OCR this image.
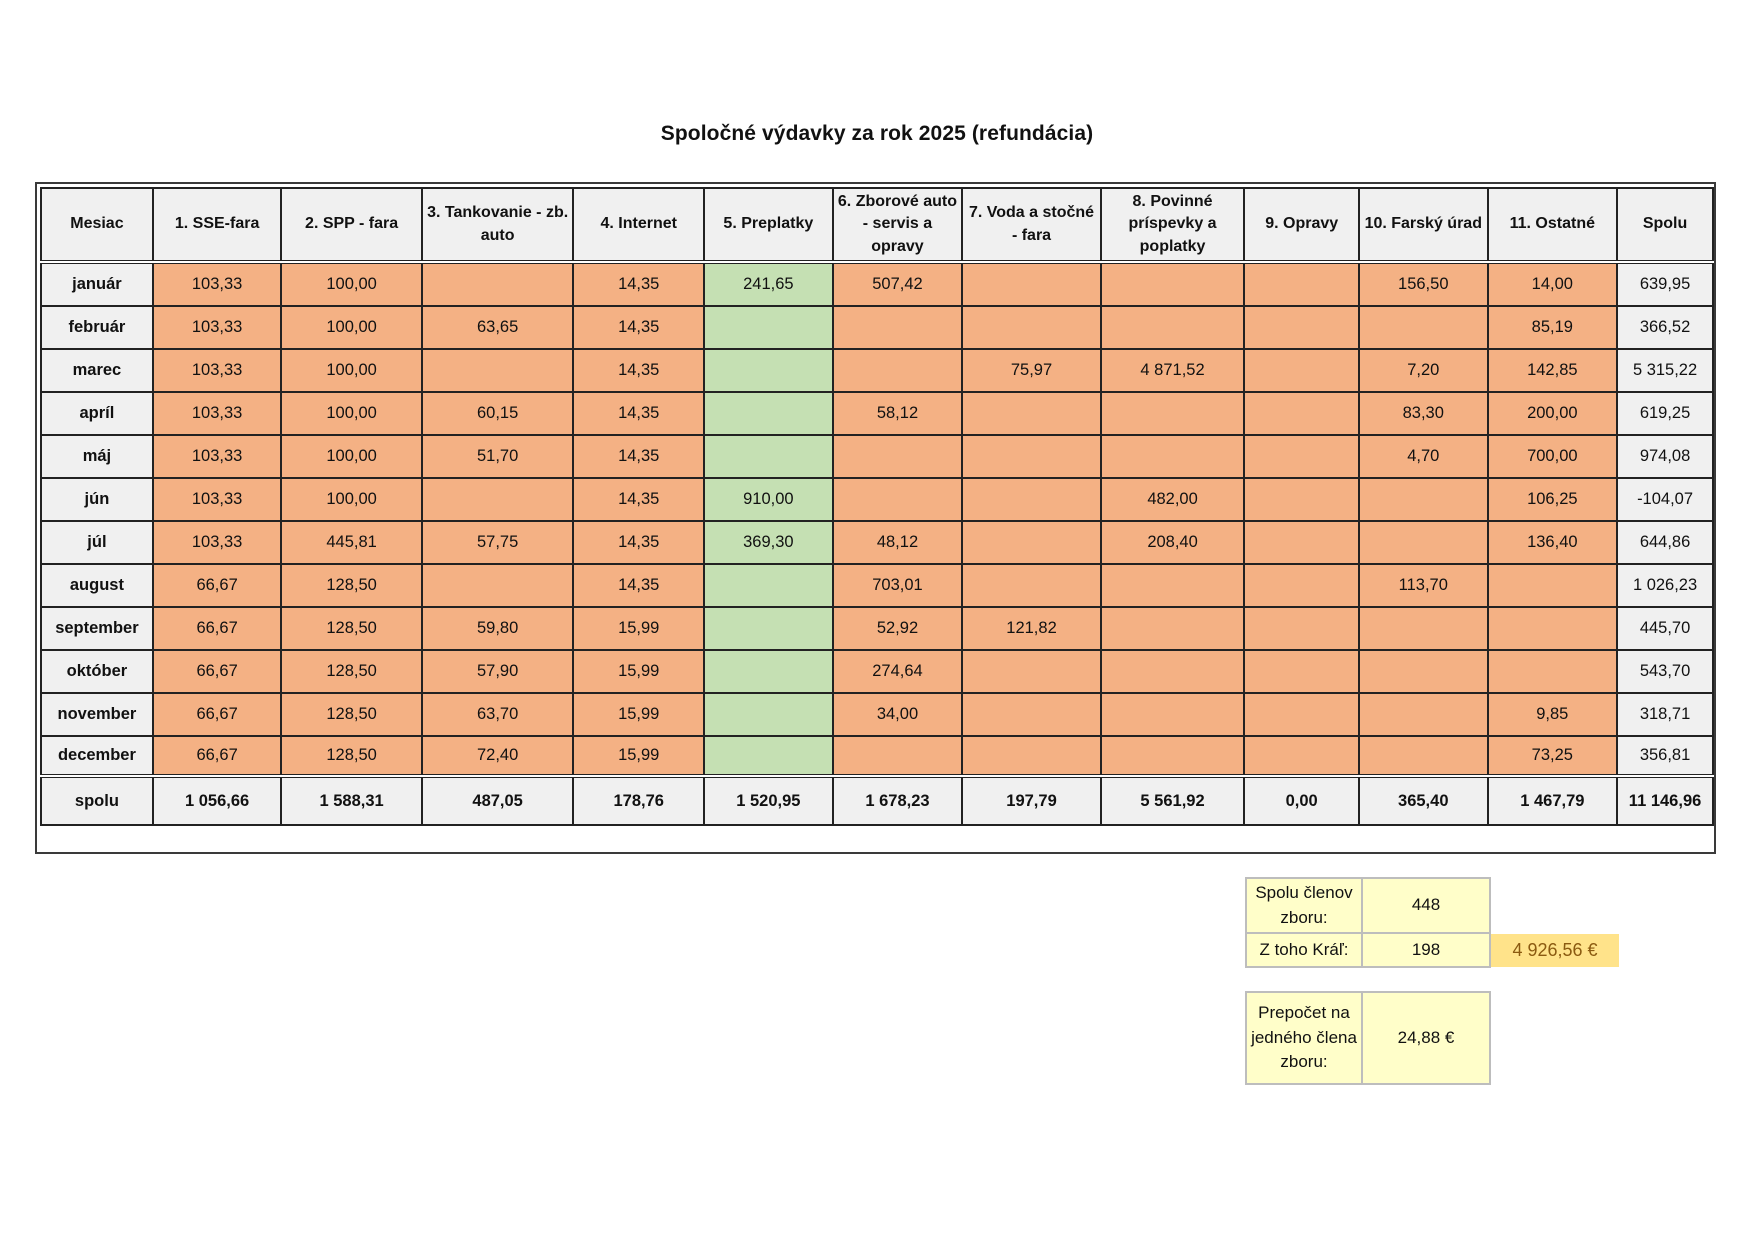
Spoločné výdavky za rok 2025 (refundácia)
Mesiac	1. SSE-fara	2. SPP - fara	3. Tankovanie - zb. auto	4. Internet	5. Preplatky	6. Zborové auto - servis a opravy	7. Voda a stočné - fara	8. Povinné príspevky a poplatky	9. Opravy	10. Farský úrad	11. Ostatné	Spolu
január	103,33	100,00		14,35	241,65	507,42				156,50	14,00	639,95
február	103,33	100,00	63,65	14,35							85,19	366,52
marec	103,33	100,00		14,35			75,97	4 871,52		7,20	142,85	5 315,22
apríl	103,33	100,00	60,15	14,35		58,12				83,30	200,00	619,25
máj	103,33	100,00	51,70	14,35						4,70	700,00	974,08
jún	103,33	100,00		14,35	910,00			482,00			106,25	-104,07
júl	103,33	445,81	57,75	14,35	369,30	48,12		208,40			136,40	644,86
august	66,67	128,50		14,35		703,01				113,70		1 026,23
september	66,67	128,50	59,80	15,99		52,92	121,82					445,70
október	66,67	128,50	57,90	15,99		274,64						543,70
november	66,67	128,50	63,70	15,99		34,00					9,85	318,71
december	66,67	128,50	72,40	15,99							73,25	356,81
spolu	1 056,66	1 588,31	487,05	178,76	1 520,95	1 678,23	197,79	5 561,92	0,00	365,40	1 467,79	11 146,96
Spolu členov zboru:	448
Z toho Kráľ:	198	4 926,56 €
Prepočet na jedného člena zboru:	24,88 €
